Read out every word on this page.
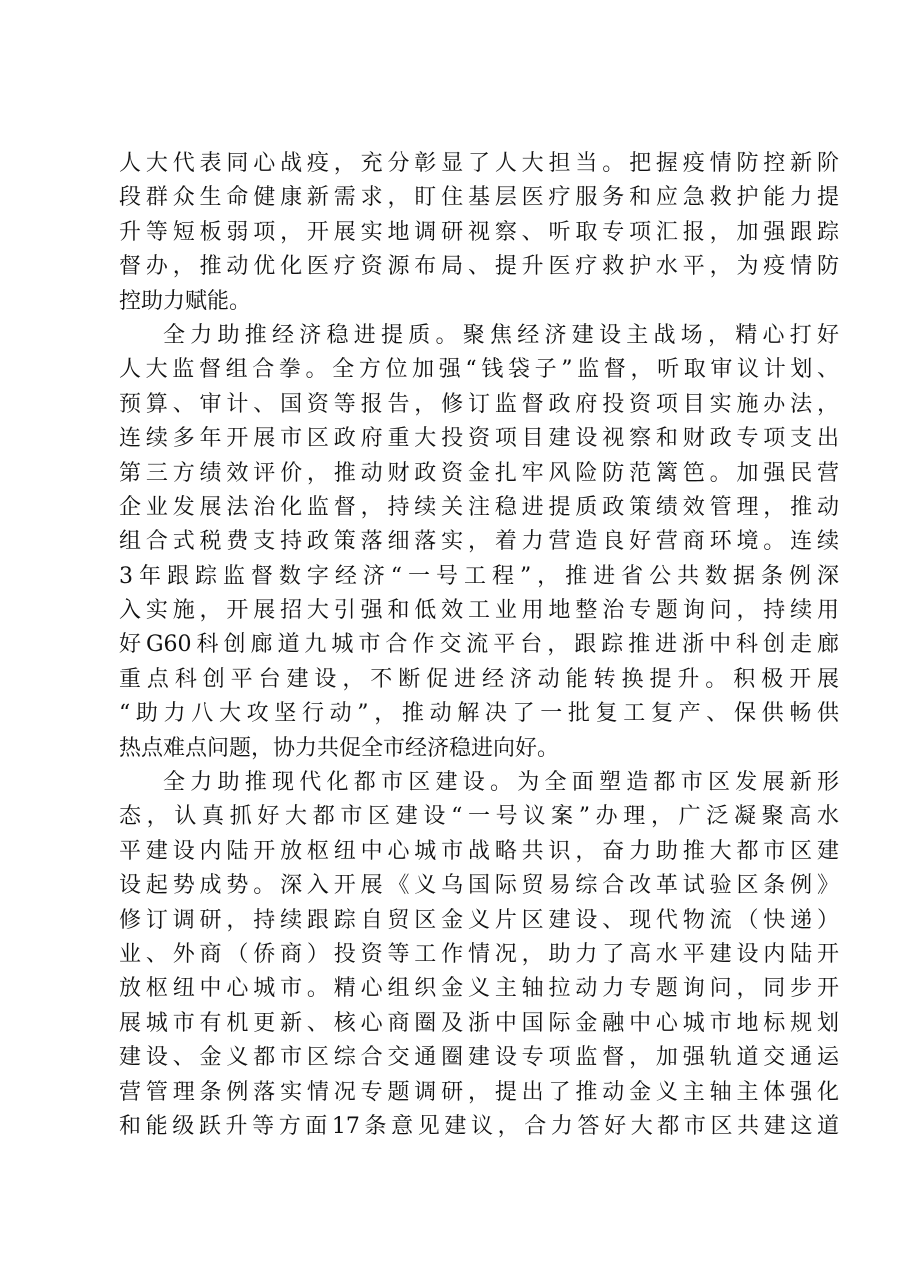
人大代表同心战疫，充分彰显了人大担当。把握疫情防控新阶
段群众生命健康新需求，盯住基层医疗服务和应急救护能力提
升等短板弱项，开展实地调研视察、听取专项汇报，加强跟踪
督办，推动优化医疗资源布局、提升医疗救护水平，为疫情防
控助力赋能。
全力助推经济稳进提质。聚焦经济建设主战场，精心打好
人大监督组合拳。全方位加强“钱袋子”监督，听取审议计划、
预算、审计、国资等报告，修订监督政府投资项目实施办法，
连续多年开展市区政府重大投资项目建设视察和财政专项支出
第三方绩效评价，推动财政资金扎牢风险防范篱笆。加强民营
企业发展法治化监督，持续关注稳进提质政策绩效管理，推动
组合式税费支持政策落细落实，着力营造良好营商环境。连续
3年跟踪监督数字经济“一号工程”，推进省公共数据条例深
入实施，开展招大引强和低效工业用地整治专题询问，持续用
好G60科创廊道九城市合作交流平台，跟踪推进浙中科创走廊
重点科创平台建设，不断促进经济动能转换提升。积极开展
“助力八大攻坚行动”，推动解决了一批复工复产、保供畅供
热点难点问题，协力共促全市经济稳进向好。
全力助推现代化都市区建设。为全面塑造都市区发展新形
态，认真抓好大都市区建设“一号议案”办理，广泛凝聚高水
平建设内陆开放枢纽中心城市战略共识，奋力助推大都市区建
设起势成势。深入开展《义乌国际贸易综合改革试验区条例》
修订调研，持续跟踪自贸区金义片区建设、现代物流（快递）
业、外商（侨商）投资等工作情况，助力了高水平建设内陆开
放枢纽中心城市。精心组织金义主轴拉动力专题询问，同步开
展城市有机更新、核心商圈及浙中国际金融中心城市地标规划
建设、金义都市区综合交通圈建设专项监督，加强轨道交通运
营管理条例落实情况专题调研，提出了推动金义主轴主体强化
和能级跃升等方面17条意见建议，合力答好大都市区共建这道
